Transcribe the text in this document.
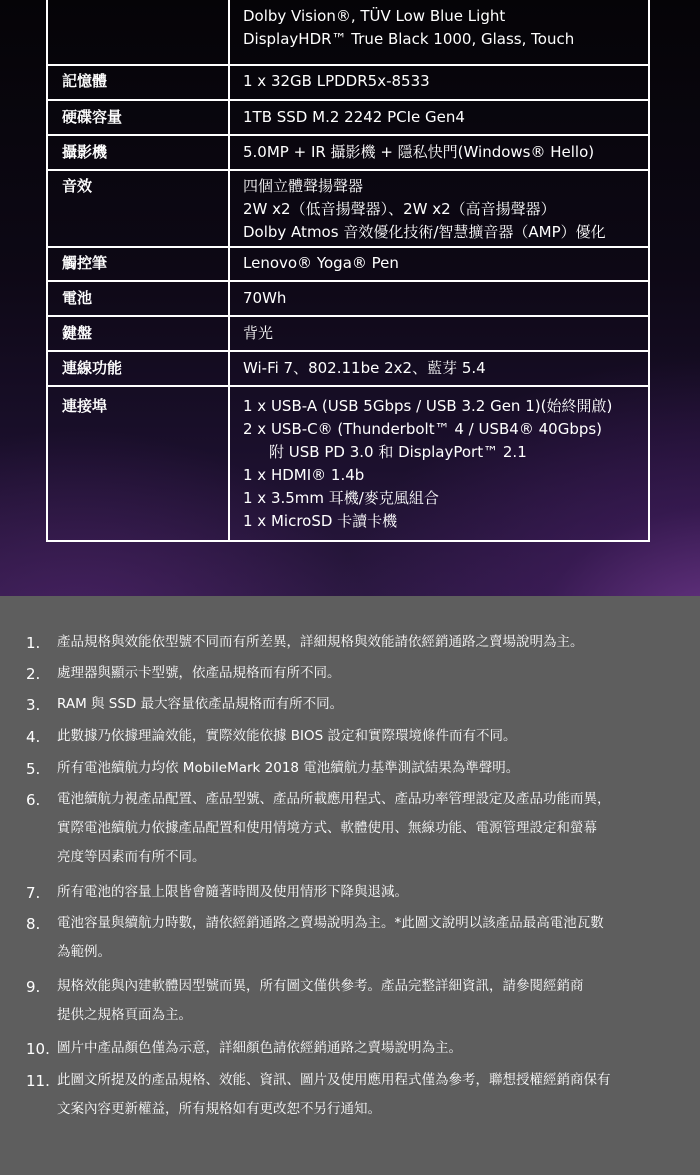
Dolby Vision®, TÜV Low Blue Light
DisplayHDR™ True Black 1000, Glass, Touch
記憶體	1 x 32GB LPDDR5x-8533
硬碟容量	1TB SSD M.2 2242 PCIe Gen4
攝影機	5.0MP + IR 攝影機 + 隱私快門(Windows® Hello)
音效	四個立體聲揚聲器
2W x2（低音揚聲器）、2W x2（高音揚聲器）
Dolby Atmos 音效優化技術/智慧擴音器（AMP）優化
觸控筆	Lenovo® Yoga® Pen
電池	70Wh
鍵盤	背光
連線功能	Wi-Fi 7、802.11be 2x2、藍芽 5.4
連接埠	1 x USB-A (USB 5Gbps / USB 3.2 Gen 1)(始終開啟)
2 x USB-C® (Thunderbolt™ 4 / USB4® 40Gbps)
附 USB PD 3.0 和 DisplayPort™ 2.1
1 x HDMI® 1.4b
1 x 3.5mm 耳機/麥克風組合
1 x MicroSD 卡讀卡機
1.	產品規格與效能依型號不同而有所差異，詳細規格與效能請依經銷通路之賣場說明為主。
2.	處理器與顯示卡型號，依產品規格而有所不同。
3.	RAM 與 SSD 最大容量依產品規格而有所不同。
4.	此數據乃依據理論效能，實際效能依據 BIOS 設定和實際環境條件而有不同。
5.	所有電池續航力均依 MobileMark 2018 電池續航力基準測試結果為準聲明。
6.	電池續航力視產品配置、產品型號、產品所載應用程式、產品功率管理設定及產品功能而異，
實際電池續航力依據產品配置和使用情境方式、軟體使用、無線功能、電源管理設定和螢幕
亮度等因素而有所不同。
7.	所有電池的容量上限皆會隨著時間及使用情形下降與退減。
8.	電池容量與續航力時數，請依經銷通路之賣場說明為主。*此圖文說明以該產品最高電池瓦數
為範例。
9.	規格效能與內建軟體因型號而異，所有圖文僅供參考。產品完整詳細資訊，請參閱經銷商
提供之規格頁面為主。
10. 圖片中產品顏色僅為示意，詳細顏色請依經銷通路之賣場說明為主。
11. 此圖文所提及的產品規格、效能、資訊、圖片及使用應用程式僅為參考，聯想授權經銷商保有
文案內容更新權益，所有規格如有更改恕不另行通知。
